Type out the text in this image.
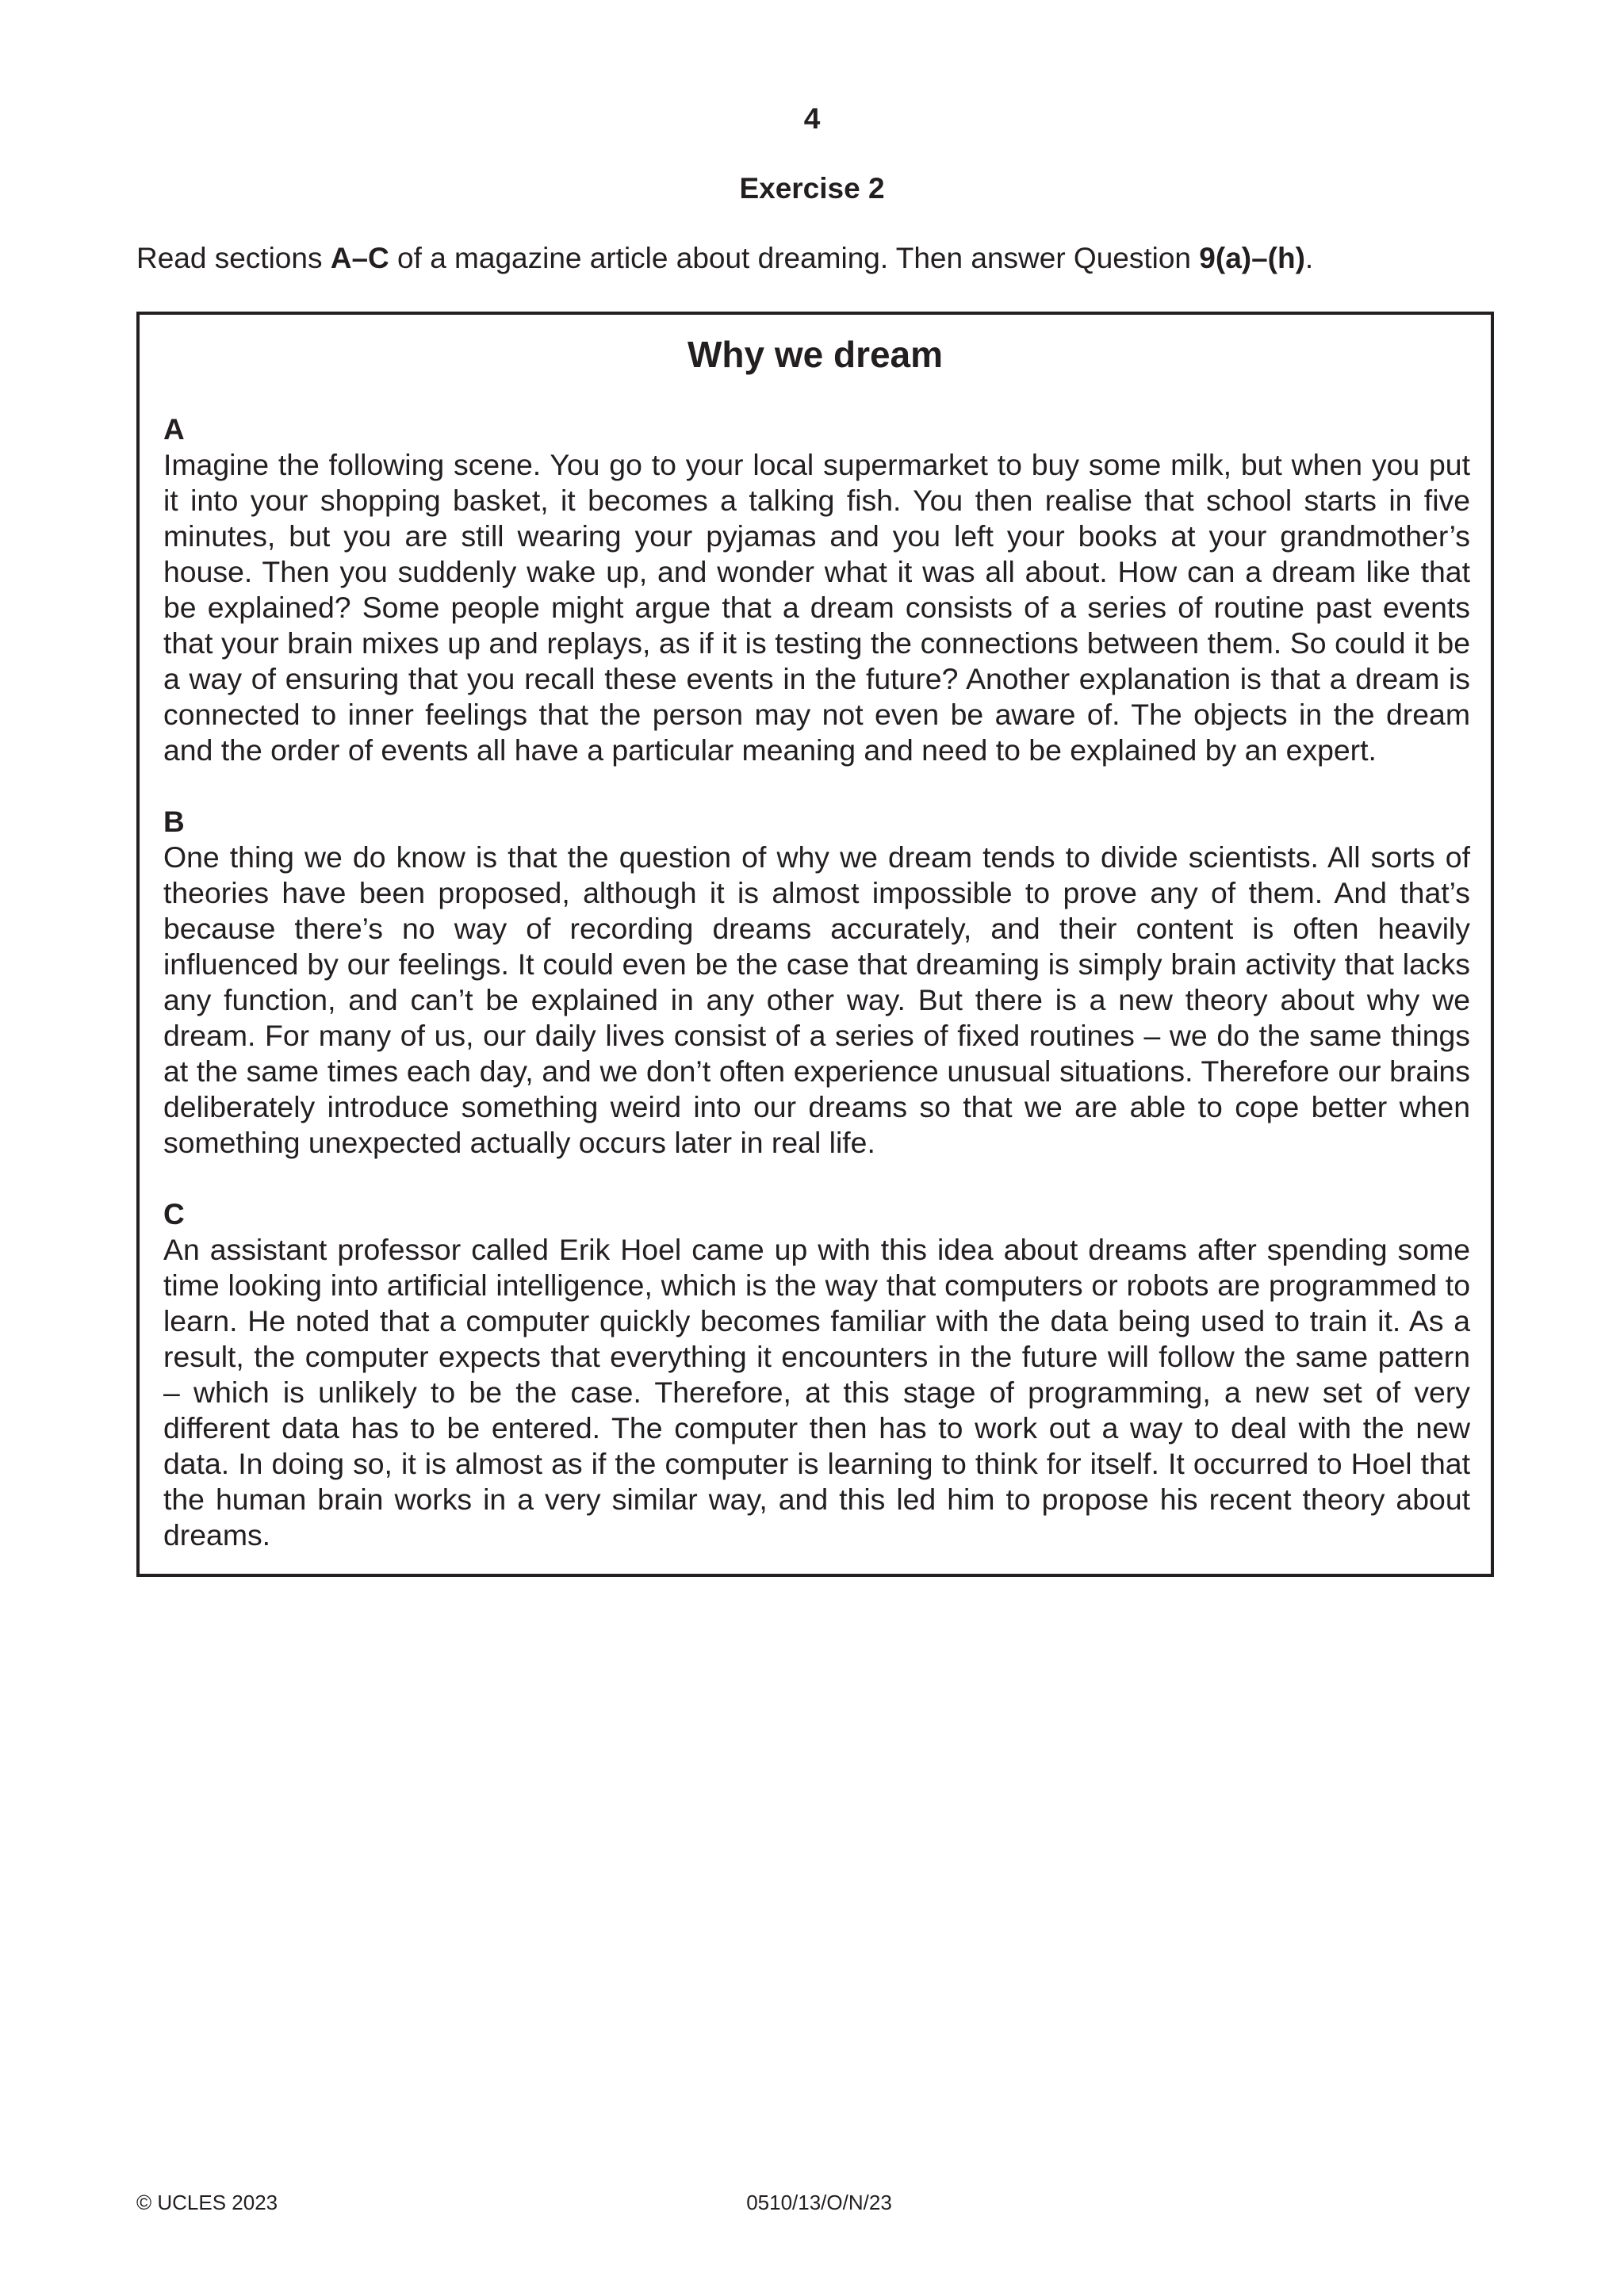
4
Exercise 2
Read sections A–C of a magazine article about dreaming. Then answer Question 9(a)–(h).
Why we dream
A
Imagine the following scene. You go to your local supermarket to buy some milk, but when you put it into your shopping basket, it becomes a talking fish. You then realise that school starts in five minutes, but you are still wearing your pyjamas and you left your books at your grandmother’s house. Then you suddenly wake up, and wonder what it was all about. How can a dream like that be explained? Some people might argue that a dream consists of a series of routine past events that your brain mixes up and replays, as if it is testing the connections between them. So could it be a way of ensuring that you recall these events in the future? Another explanation is that a dream is connected to inner feelings that the person may not even be aware of. The objects in the dream and the order of events all have a particular meaning and need to be explained by an expert.
B
One thing we do know is that the question of why we dream tends to divide scientists. All sorts of theories have been proposed, although it is almost impossible to prove any of them. And that’s because there’s no way of recording dreams accurately, and their content is often heavily influenced by our feelings. It could even be the case that dreaming is simply brain activity that lacks any function, and can’t be explained in any other way. But there is a new theory about why we dream. For many of us, our daily lives consist of a series of fixed routines – we do the same things at the same times each day, and we don’t often experience unusual situations. Therefore our brains deliberately introduce something weird into our dreams so that we are able to cope better when something unexpected actually occurs later in real life.
C
An assistant professor called Erik Hoel came up with this idea about dreams after spending some time looking into artificial intelligence, which is the way that computers or robots are programmed to learn. He noted that a computer quickly becomes familiar with the data being used to train it. As a result, the computer expects that everything it encounters in the future will follow the same pattern – which is unlikely to be the case. Therefore, at this stage of programming, a new set of very different data has to be entered. The computer then has to work out a way to deal with the new data. In doing so, it is almost as if the computer is learning to think for itself. It occurred to Hoel that the human brain works in a very similar way, and this led him to propose his recent theory about dreams.
© UCLES 2023	0510/13/O/N/23
